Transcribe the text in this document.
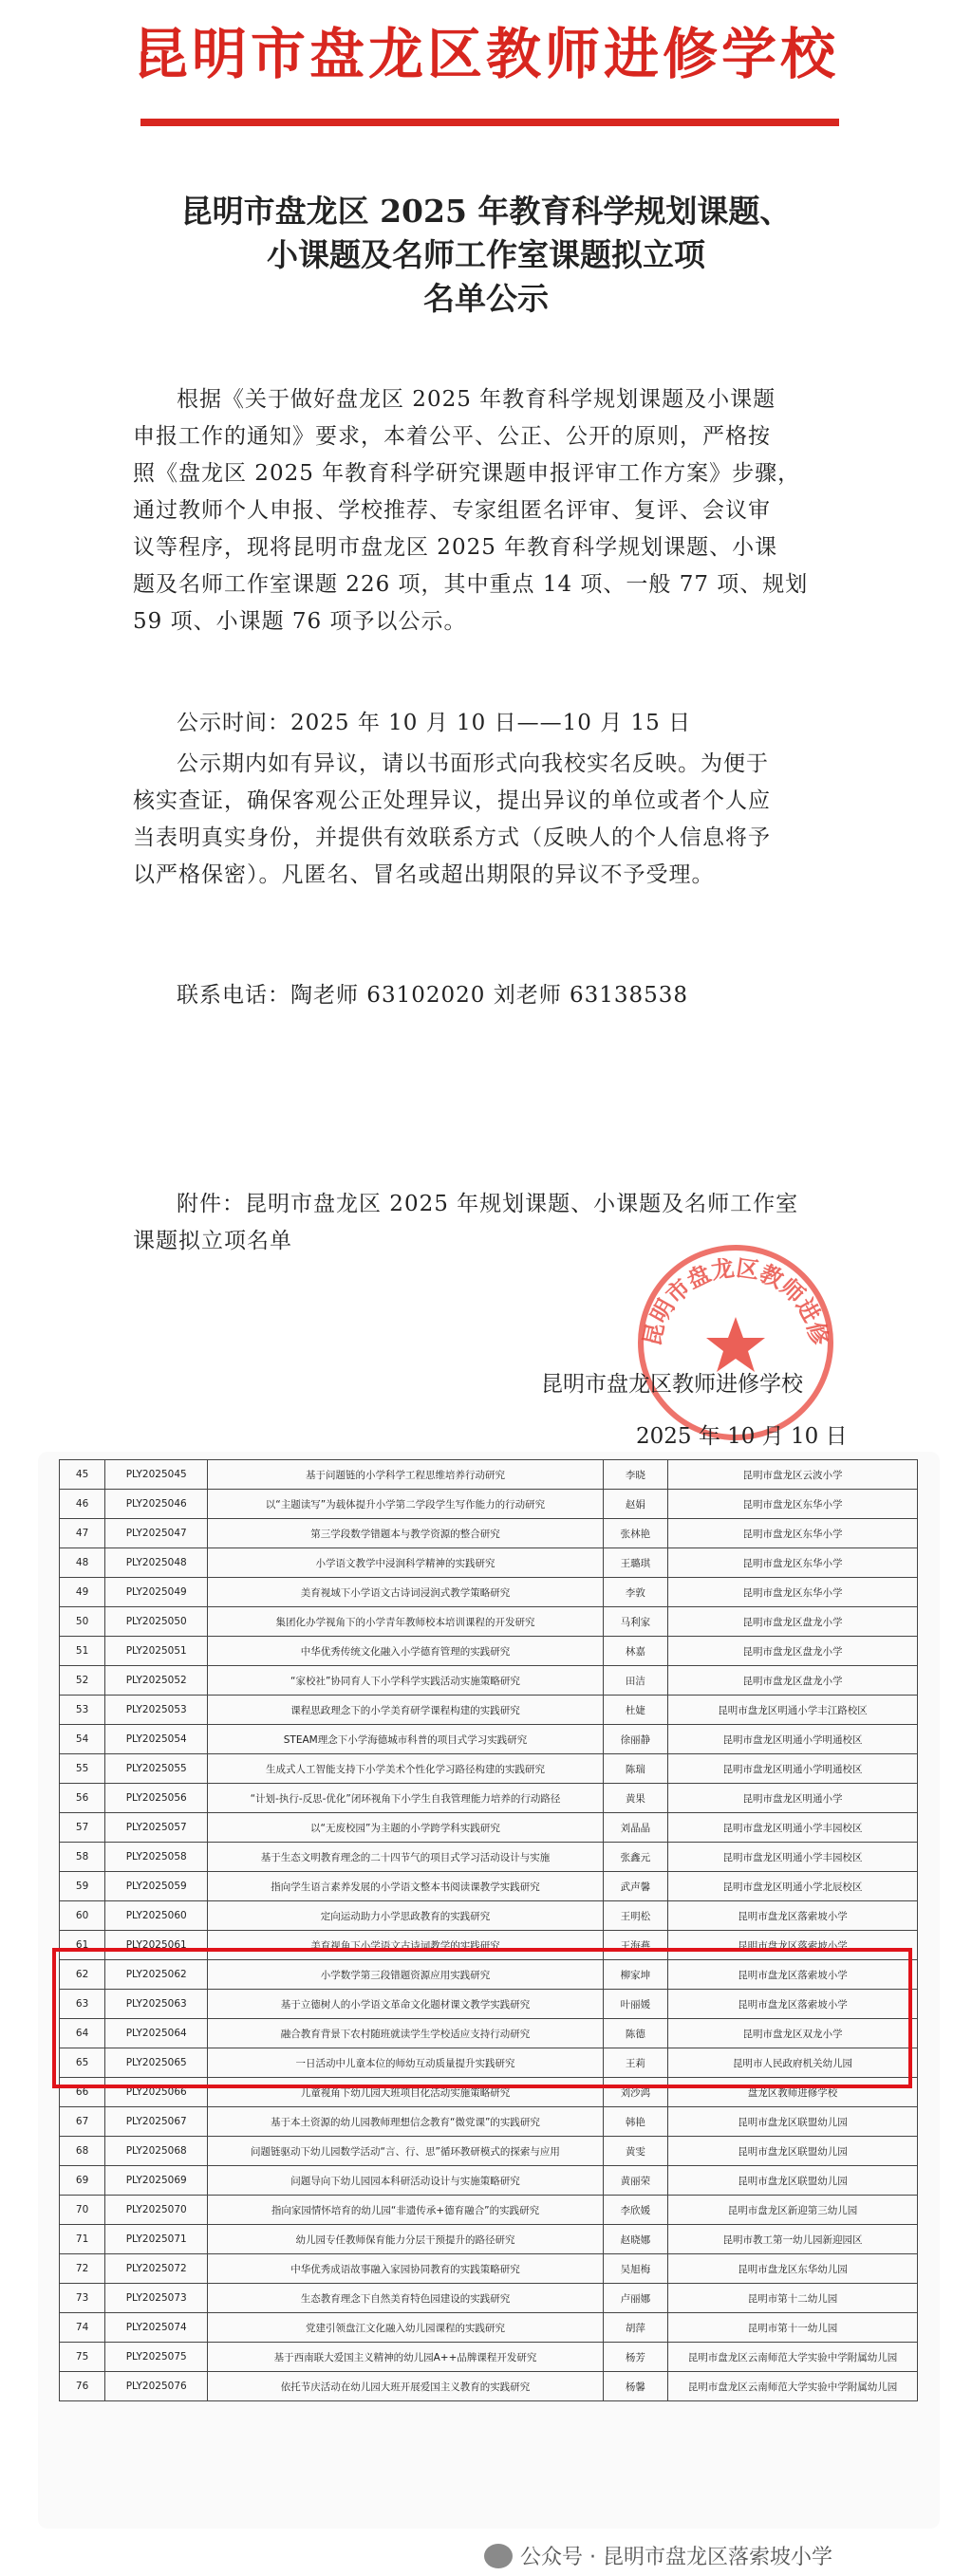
昆明市盘龙区教师进修学校
昆明市盘龙区 2025 年教育科学规划课题、
小课题及名师工作室课题拟立项
名单公示
根据《关于做好盘龙区 2025 年教育科学规划课题及小课题
申报工作的通知》要求，本着公平、公正、公开的原则，严格按
照《盘龙区 2025 年教育科学研究课题申报评审工作方案》步骤，
通过教师个人申报、学校推荐、专家组匿名评审、复评、会议审
议等程序，现将昆明市盘龙区 2025 年教育科学规划课题、小课
题及名师工作室课题 226 项，其中重点 14 项、一般 77 项、规划
59 项、小课题 76 项予以公示。
公示时间：2025 年 10 月 10 日——10 月 15 日
公示期内如有异议，请以书面形式向我校实名反映。为便于
核实查证，确保客观公正处理异议，提出异议的单位或者个人应
当表明真实身份，并提供有效联系方式（反映人的个人信息将予
以严格保密）。凡匿名、冒名或超出期限的异议不予受理。
联系电话：陶老师 63102020 刘老师 63138538
附件：昆明市盘龙区 2025 年规划课题、小课题及名师工作室
课题拟立项名单
昆明市盘龙区教师进修
昆明市盘龙区教师进修学校
2025 年 10 月 10 日
45	PLY2025045	基于问题链的小学科学工程思维培养行动研究	李晓	昆明市盘龙区云波小学
46	PLY2025046	以“主题读写”为载体提升小学第二学段学生写作能力的行动研究	赵娟	昆明市盘龙区东华小学
47	PLY2025047	第三学段数学错题本与教学资源的整合研究	张林艳	昆明市盘龙区东华小学
48	PLY2025048	小学语文教学中浸润科学精神的实践研究	王璐琪	昆明市盘龙区东华小学
49	PLY2025049	美育视域下小学语文古诗词浸润式教学策略研究	李敦	昆明市盘龙区东华小学
50	PLY2025050	集团化办学视角下的小学青年教师校本培训课程的开发研究	马利家	昆明市盘龙区盘龙小学
51	PLY2025051	中华优秀传统文化融入小学德育管理的实践研究	林嘉	昆明市盘龙区盘龙小学
52	PLY2025052	“家校社”协同育人下小学科学实践活动实施策略研究	田洁	昆明市盘龙区盘龙小学
53	PLY2025053	课程思政理念下的小学美育研学课程构建的实践研究	杜婕	昆明市盘龙区明通小学丰江路校区
54	PLY2025054	STEAM理念下小学海德城市科普的项目式学习实践研究	徐丽静	昆明市盘龙区明通小学明通校区
55	PLY2025055	生成式人工智能支持下小学美术个性化学习路径构建的实践研究	陈瑞	昆明市盘龙区明通小学明通校区
56	PLY2025056	“计划-执行-反思-优化”闭环视角下小学生自我管理能力培养的行动路径	黄果	昆明市盘龙区明通小学
57	PLY2025057	以“无废校园”为主题的小学跨学科实践研究	刘晶晶	昆明市盘龙区明通小学丰园校区
58	PLY2025058	基于生态文明教育理念的二十四节气的项目式学习活动设计与实施	张鑫元	昆明市盘龙区明通小学丰园校区
59	PLY2025059	指向学生语言素养发展的小学语文整本书阅读课教学实践研究	武声馨	昆明市盘龙区明通小学北辰校区
60	PLY2025060	定向运动助力小学思政教育的实践研究	王明松	昆明市盘龙区落索坡小学
61	PLY2025061	美育视角下小学语文古诗词教学的实践研究	王海燕	昆明市盘龙区落索坡小学
62	PLY2025062	小学数学第三段错题资源应用实践研究	柳家坤	昆明市盘龙区落索坡小学
63	PLY2025063	基于立德树人的小学语文革命文化题材课文教学实践研究	叶丽媛	昆明市盘龙区落索坡小学
64	PLY2025064	融合教育背景下农村随班就读学生学校适应支持行动研究	陈德	昆明市盘龙区双龙小学
65	PLY2025065	一日活动中儿童本位的师幼互动质量提升实践研究	王莉	昆明市人民政府机关幼儿园
66	PLY2025066	儿童视角下幼儿园大班项目化活动实施策略研究	刘沙鸿	盘龙区教师进修学校
67	PLY2025067	基于本土资源的幼儿园教师理想信念教育“微党课”的实践研究	韩艳	昆明市盘龙区联盟幼儿园
68	PLY2025068	问题链驱动下幼儿园数学活动“言、行、思”循环教研模式的探索与应用	黄雯	昆明市盘龙区联盟幼儿园
69	PLY2025069	问题导向下幼儿园园本科研活动设计与实施策略研究	黄丽荣	昆明市盘龙区联盟幼儿园
70	PLY2025070	指向家园情怀培育的幼儿园“非遗传承+德育融合”的实践研究	李欣媛	昆明市盘龙区新迎第三幼儿园
71	PLY2025071	幼儿园专任教师保育能力分层干预提升的路径研究	赵晓娜	昆明市教工第一幼儿园新迎园区
72	PLY2025072	中华优秀成语故事融入家园协同教育的实践策略研究	吴旭梅	昆明市盘龙区东华幼儿园
73	PLY2025073	生态教育理念下自然美育特色园建设的实践研究	卢丽娜	昆明市第十二幼儿园
74	PLY2025074	党建引领盘江文化融入幼儿园课程的实践研究	胡萍	昆明市第十一幼儿园
75	PLY2025075	基于西南联大爱国主义精神的幼儿园A++品牌课程开发研究	杨芳	昆明市盘龙区云南师范大学实验中学附属幼儿园
76	PLY2025076	依托节庆活动在幼儿园大班开展爱国主义教育的实践研究	杨馨	昆明市盘龙区云南师范大学实验中学附属幼儿园
公众号 · 昆明市盘龙区落索坡小学
